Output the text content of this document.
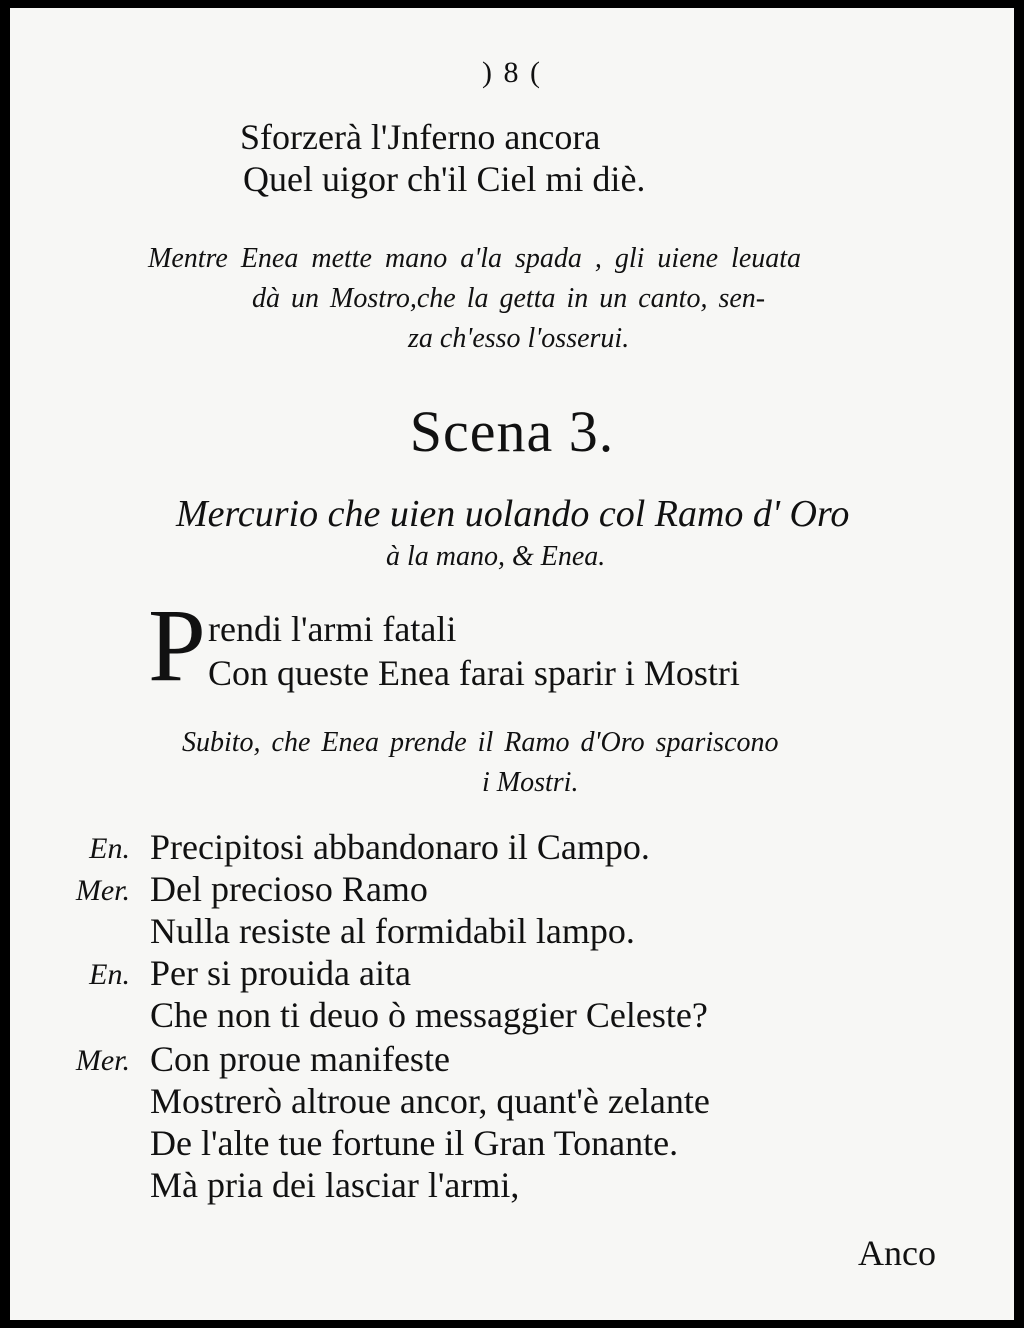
) 8 (
Sforzerà l'Jnferno ancora
Quel uigor ch'il Ciel mi diè.
Mentre Enea mette mano a'la spada , gli uiene leuata
dà un Mostro,che la getta in un canto, sen-
za ch'esso l'osserui.
Scena 3.
Mercurio che uien uolando col Ramo d' Oro
à la mano, & Enea.
P rendi l'armi fatali
Con queste Enea farai sparir i Mostri
Subito, che Enea prende il Ramo d'Oro spariscono
i Mostri.
En.
Mer.
En.
Mer.
Precipitosi abbandonaro il Campo.
Del precioso Ramo
Nulla resiste al formidabil lampo.
Per si prouida aita
Che non ti deuo ò messaggier Celeste?
Con proue manifeste
Mostrerò altroue ancor, quant'è zelante
De l'alte tue fortune il Gran Tonante.
Mà pria dei lasciar l'armi,
Anco
